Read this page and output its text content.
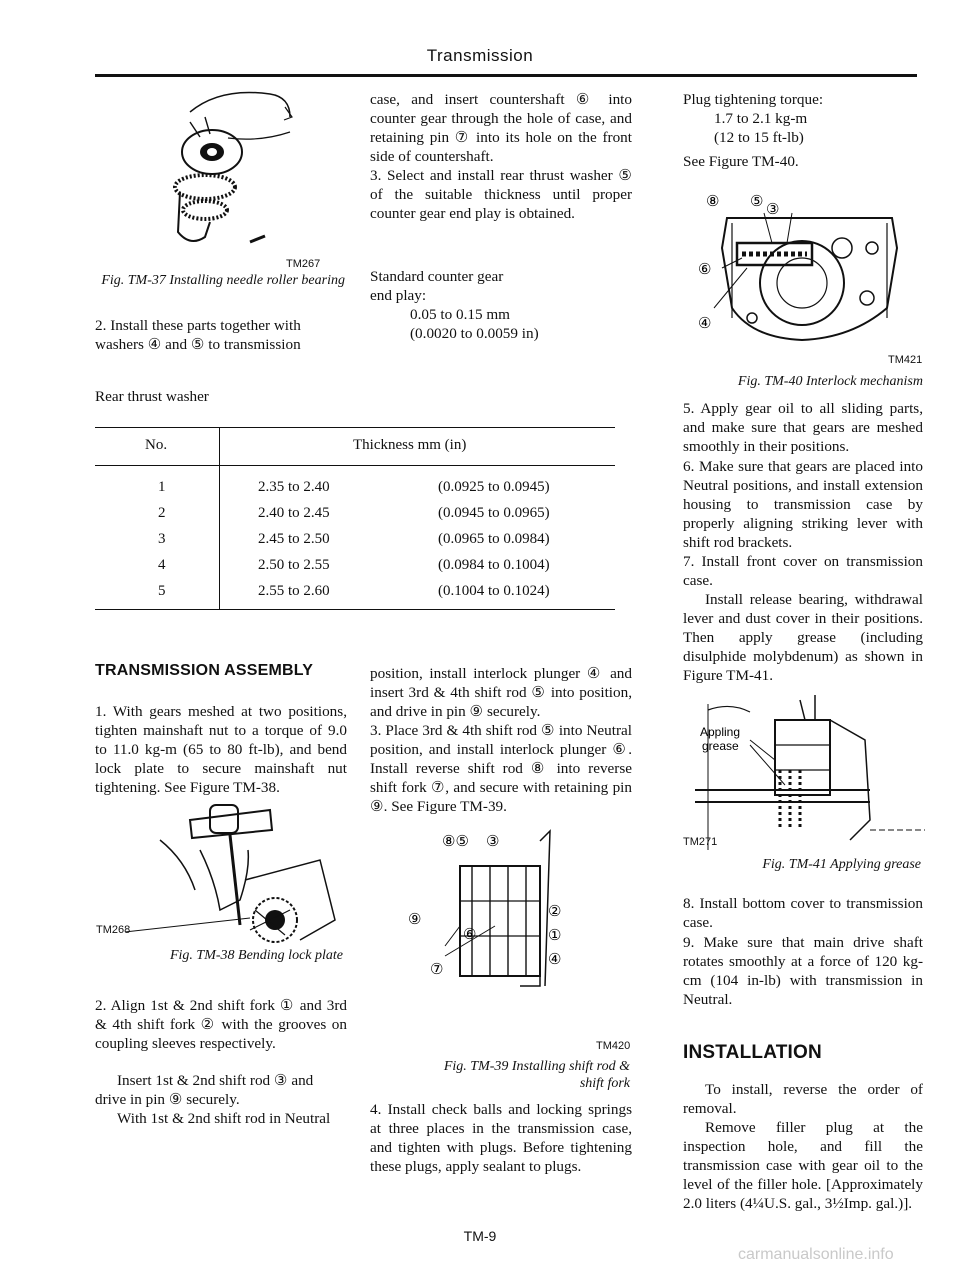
Transmission
TM267
Fig. TM-37 Installing needle roller bearing

2. Install these parts together with washers ④ and ⑤ to transmission

Rear thrust washer

No.	Thickness mm (in)
1	2.35 to 2.40	(0.0925 to 0.0945)
2	2.40 to 2.45	(0.0945 to 0.0965)
3	2.45 to 2.50	(0.0965 to 0.0984)
4	2.50 to 2.55	(0.0984 to 0.1004)
5	2.55 to 2.60	(0.1004 to 0.1024)
TRANSMISSION ASSEMBLY

1. With gears meshed at two positions, tighten mainshaft nut to a torque of 9.0 to 11.0 kg-m (65 to 80 ft-lb), and bend lock plate to secure mainshaft nut tightening. See Figure TM-38.

TM268
Fig. TM-38 Bending lock plate

2. Align 1st & 2nd shift fork ① and 3rd & 4th shift fork ② with the grooves on coupling sleeves respectively.

Insert 1st & 2nd shift rod ③ and drive in pin ⑨ securely.

With 1st & 2nd shift rod in Neutral

case, and insert countershaft ⑥ into counter gear through the hole of case, and retaining pin ⑦ into its hole on the front side of countershaft.

3. Select and install rear thrust washer ⑤ of the suitable thickness until proper counter gear end play is obtained.

Standard counter gear

end play:

0.05 to 0.15 mm

(0.0020 to 0.0059 in)

position, install interlock plunger ④ and insert 3rd & 4th shift rod ⑤ into position, and drive in pin ⑨ securely.

3. Place 3rd & 4th shift rod ⑤ into Neutral position, and install interlock plunger ⑥. Install reverse shift rod ⑧ into reverse shift fork ⑦, and secure with retaining pin ⑨. See Figure TM-39.

⑧⑤ ③
⑨	②
⑥	①
④
⑦
TM420
Fig. TM-39 Installing shift rod &
shift fork

4. Install check balls and locking springs at three places in the transmission case, and tighten with plugs. Before tightening these plugs, apply sealant to plugs.

Plug tightening torque:

1.7 to 2.1 kg-m

(12 to 15 ft-lb)

See Figure TM-40.

⑧ ⑤ ③
⑥
④
TM421
Fig. TM-40 Interlock mechanism

5. Apply gear oil to all sliding parts, and make sure that gears are meshed smoothly in their positions.

6. Make sure that gears are placed into Neutral positions, and install extension housing to transmission case by properly aligning striking lever with shift rod brackets.

7. Install front cover on transmission case.

Install release bearing, withdrawal lever and dust cover in their positions. Then apply grease (including disulphide molybdenum) as shown in Figure TM-41.

Appling
grease
TM271
Fig. TM-41 Applying grease

8. Install bottom cover to transmission case.

9. Make sure that main drive shaft rotates smoothly at a force of 120 kg-cm (104 in-lb) with transmission in Neutral.

INSTALLATION

To install, reverse the order of removal.

Remove filler plug at the inspection hole, and fill the transmission case with gear oil to the level of the filler hole. [Approximately 2.0 liters (4¼U.S. gal., 3½Imp. gal.)].

TM-9
carmanualsonline.info
